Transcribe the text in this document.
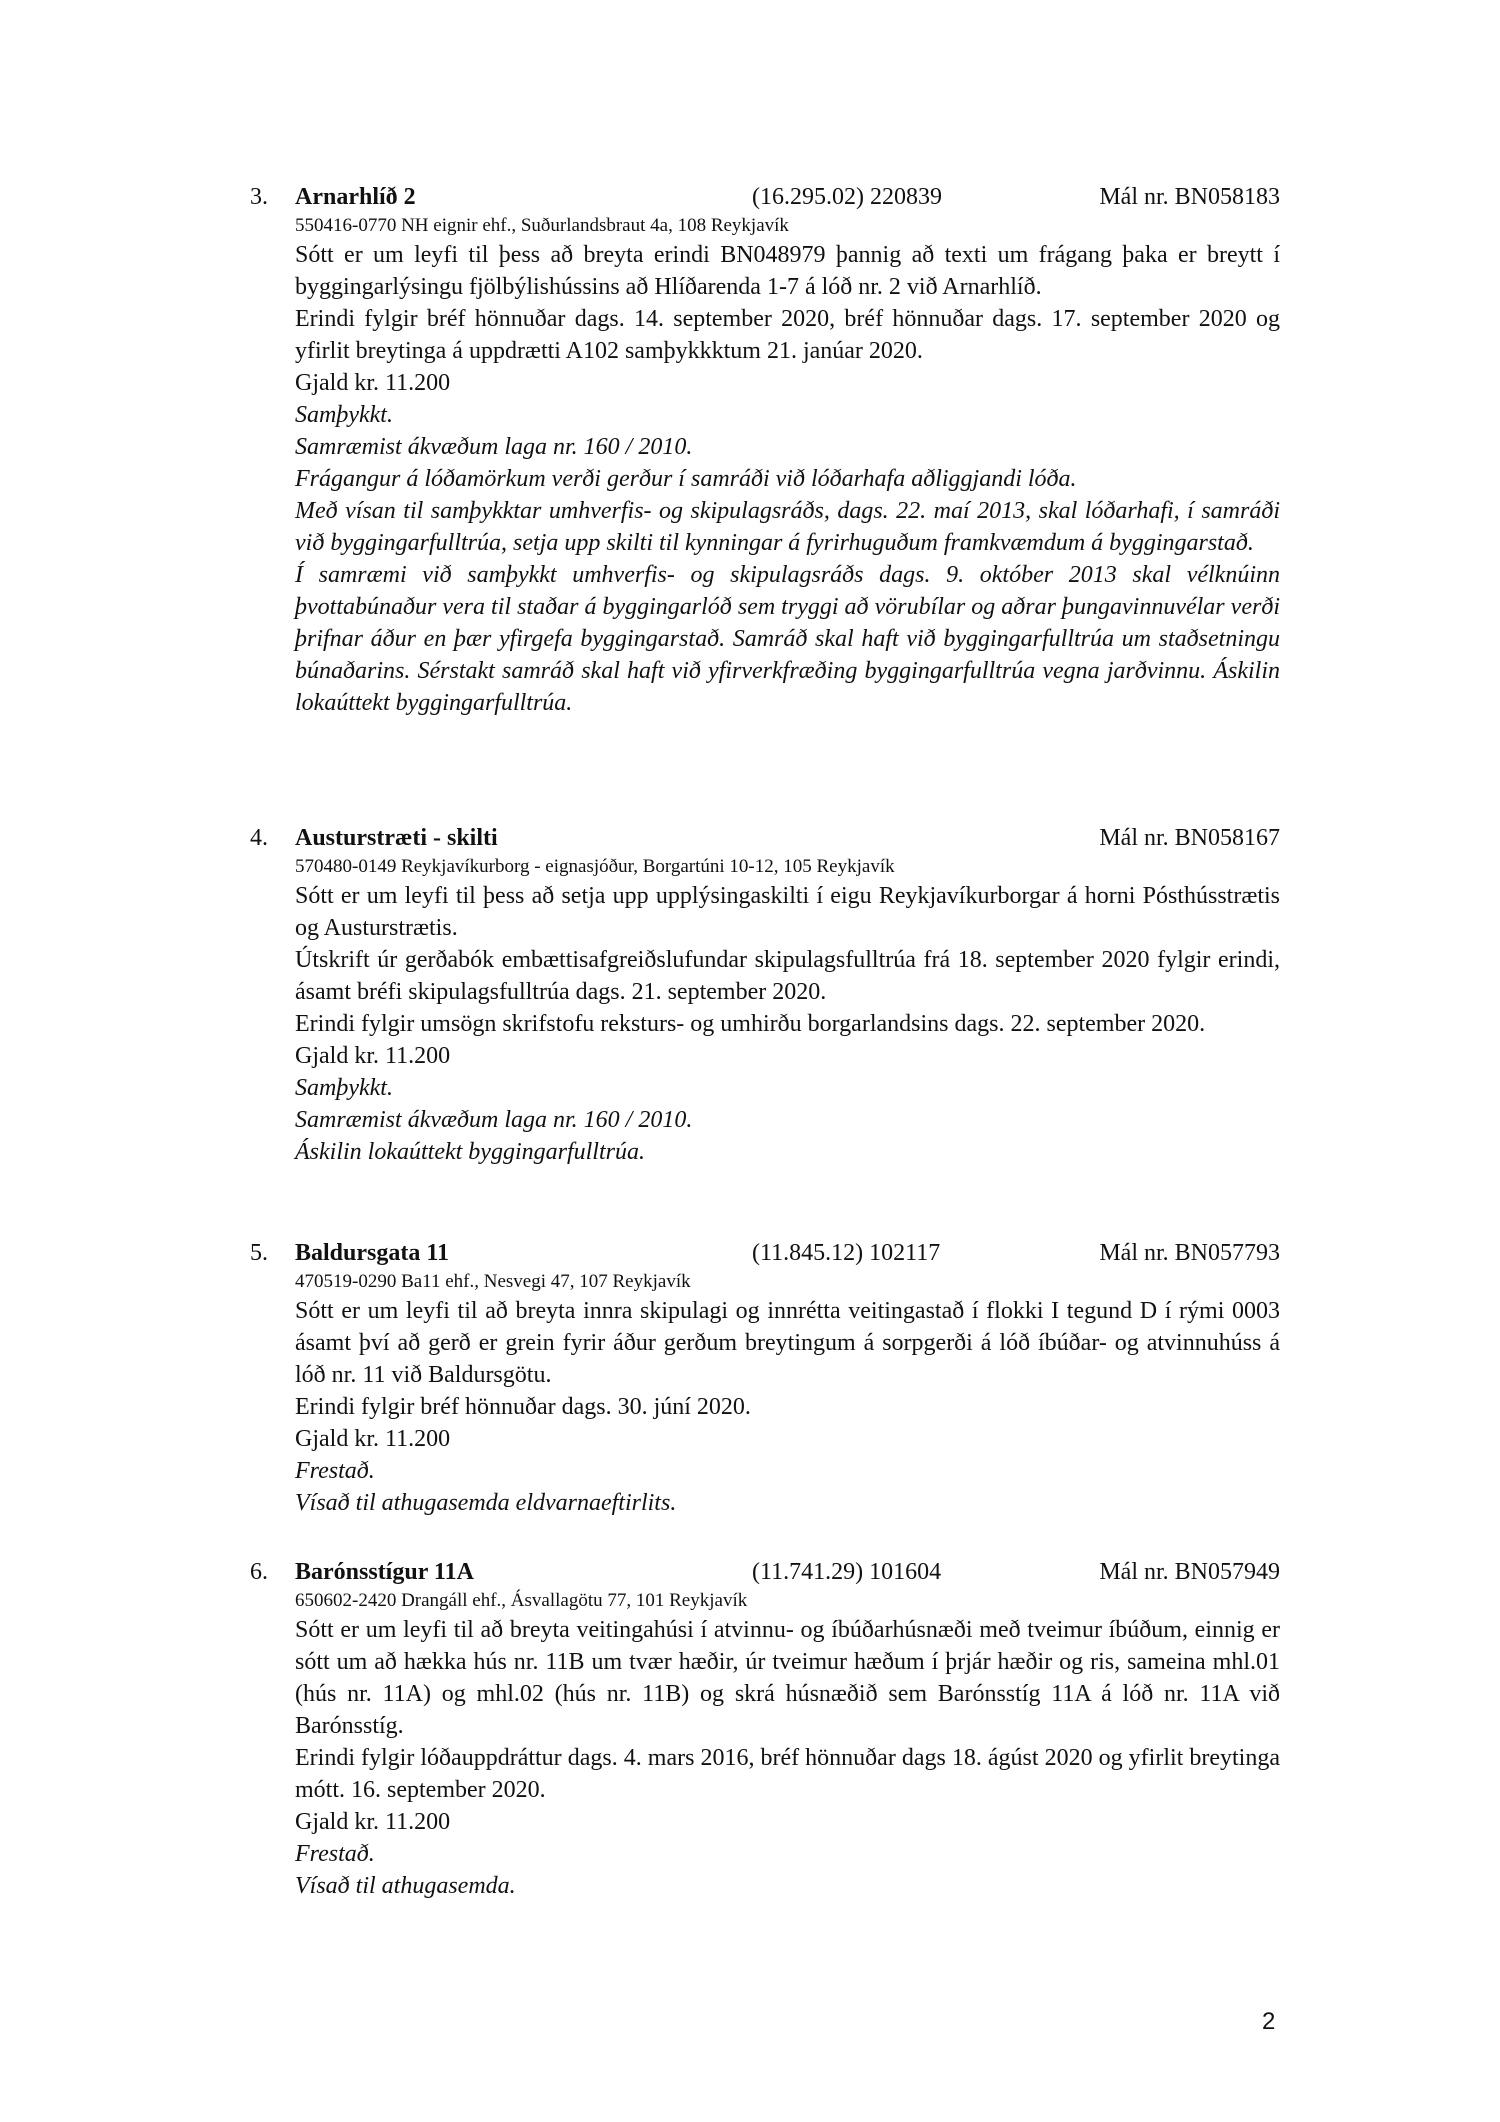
3. Arnarhlíð 2	(16.295.02) 220839	Mál nr. BN058183
550416-0770 NH eignir ehf., Suðurlandsbraut 4a, 108 Reykjavík

Sótt er um leyfi til þess að breyta erindi BN048979 þannig að texti um frágang þaka er breytt í byggingarlýsingu fjölbýlishússins að Hlíðarenda 1-7 á lóð nr. 2 við Arnarhlíð.

Erindi fylgir bréf hönnuðar dags. 14. september 2020, bréf hönnuðar dags. 17. september 2020 og yfirlit breytinga á uppdrætti A102 samþykkktum 21. janúar 2020.

Gjald kr. 11.200

Samþykkt.

Samræmist ákvæðum laga nr. 160 / 2010.

Frágangur á lóðamörkum verði gerður í samráði við lóðarhafa aðliggjandi lóða.

Með vísan til samþykktar umhverfis- og skipulagsráðs, dags. 22. maí 2013, skal lóðarhafi, í samráði við byggingarfulltrúa, setja upp skilti til kynningar á fyrirhuguðum framkvæmdum á byggingarstað.

Í samræmi við samþykkt umhverfis- og skipulagsráðs dags. 9. október 2013 skal vélknúinn þvottabúnaður vera til staðar á byggingarlóð sem tryggi að vörubílar og aðrar þungavinnuvélar verði þrifnar áður en þær yfirgefa byggingarstað. Samráð skal haft við byggingarfulltrúa um staðsetningu búnaðarins. Sérstakt samráð skal haft við yfirverkfræðing byggingarfulltrúa vegna jarðvinnu. Áskilin lokaúttekt byggingarfulltrúa.

4. Austurstræti - skilti	Mál nr. BN058167
570480-0149 Reykjavíkurborg - eignasjóður, Borgartúni 10-12, 105 Reykjavík

Sótt er um leyfi til þess að setja upp upplýsingaskilti í eigu Reykjavíkurborgar á horni Pósthússtrætis og Austurstrætis.

Útskrift úr gerðabók embættisafgreiðslufundar skipulagsfulltrúa frá 18. september 2020 fylgir erindi, ásamt bréfi skipulagsfulltrúa dags. 21. september 2020.

Erindi fylgir umsögn skrifstofu reksturs- og umhirðu borgarlandsins dags. 22. september 2020.

Gjald kr. 11.200

Samþykkt.

Samræmist ákvæðum laga nr. 160 / 2010.

Áskilin lokaúttekt byggingarfulltrúa.

5. Baldursgata 11	(11.845.12) 102117	Mál nr. BN057793
470519-0290 Ba11 ehf., Nesvegi 47, 107 Reykjavík

Sótt er um leyfi til að breyta innra skipulagi og innrétta veitingastað í flokki I tegund D í rými 0003 ásamt því að gerð er grein fyrir áður gerðum breytingum á sorpgerði á lóð íbúðar- og atvinnuhúss á lóð nr. 11 við Baldursgötu.

Erindi fylgir bréf hönnuðar dags. 30. júní 2020.

Gjald kr. 11.200

Frestað.

Vísað til athugasemda eldvarnaeftirlits.

6. Barónsstígur 11A	(11.741.29) 101604	Mál nr. BN057949
650602-2420 Drangáll ehf., Ásvallagötu 77, 101 Reykjavík

Sótt er um leyfi til að breyta veitingahúsi í atvinnu- og íbúðarhúsnæði með tveimur íbúðum, einnig er sótt um að hækka hús nr. 11B um tvær hæðir, úr tveimur hæðum í þrjár hæðir og ris, sameina mhl.01 (hús nr. 11A) og mhl.02 (hús nr. 11B) og skrá húsnæðið sem Barónsstíg 11A á lóð nr. 11A við Barónsstíg.

Erindi fylgir lóðauppdráttur dags. 4. mars 2016, bréf hönnuðar dags 18. ágúst 2020 og yfirlit breytinga mótt. 16. september 2020.

Gjald kr. 11.200

Frestað.

Vísað til athugasemda.

2
